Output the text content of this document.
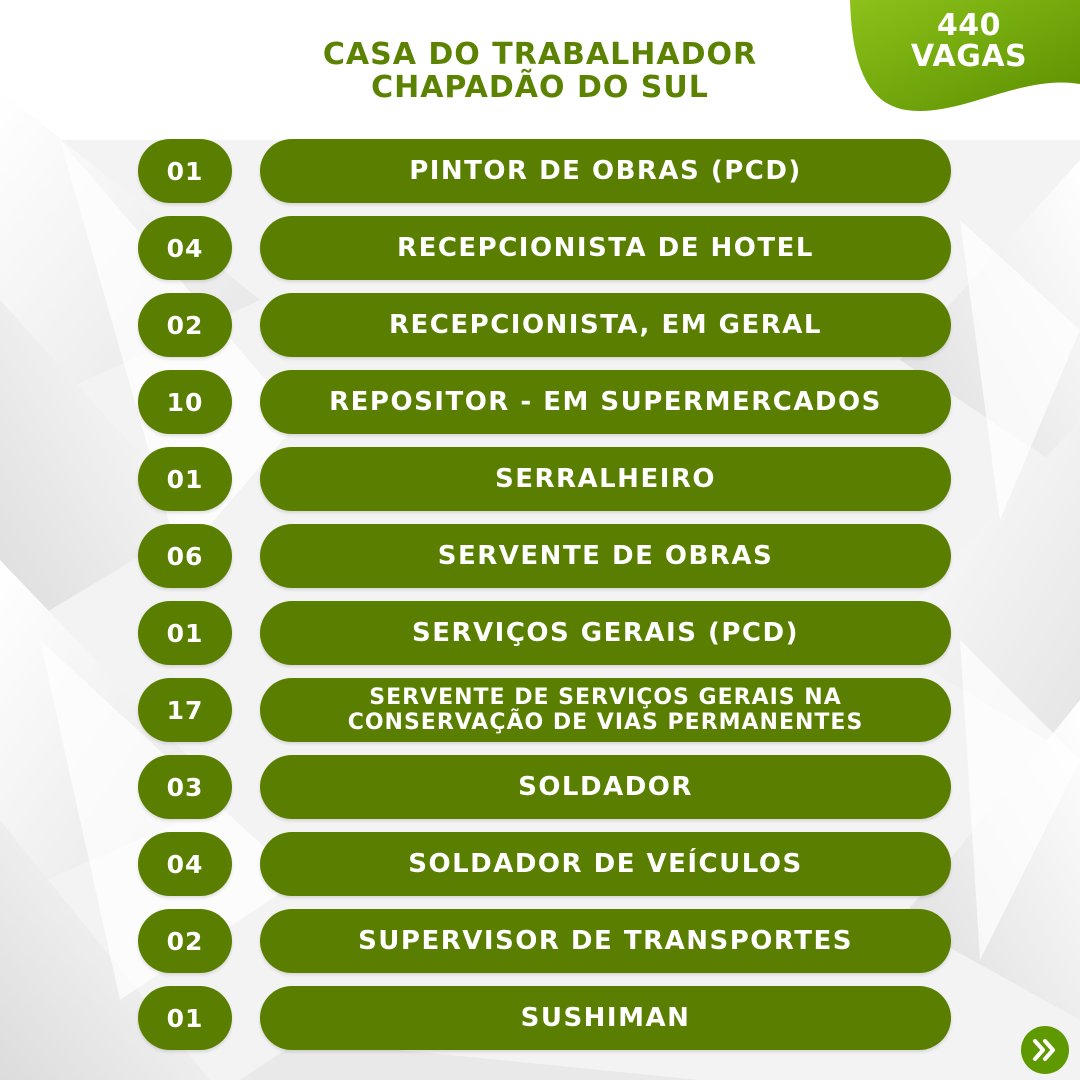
440
VAGAS
CASA DO TRABALHADOR
CHAPADÃO DO SUL
01	PINTOR DE OBRAS (PCD)
04	RECEPCIONISTA DE HOTEL
02	RECEPCIONISTA, EM GERAL
10	REPOSITOR - EM SUPERMERCADOS
01	SERRALHEIRO
06	SERVENTE DE OBRAS
01	SERVIÇOS GERAIS (PCD)
17	SERVENTE DE SERVIÇOS GERAIS NA
CONSERVAÇÃO DE VIAS PERMANENTES
03	SOLDADOR
04	SOLDADOR DE VEÍCULOS
02	SUPERVISOR DE TRANSPORTES
01	SUSHIMAN
